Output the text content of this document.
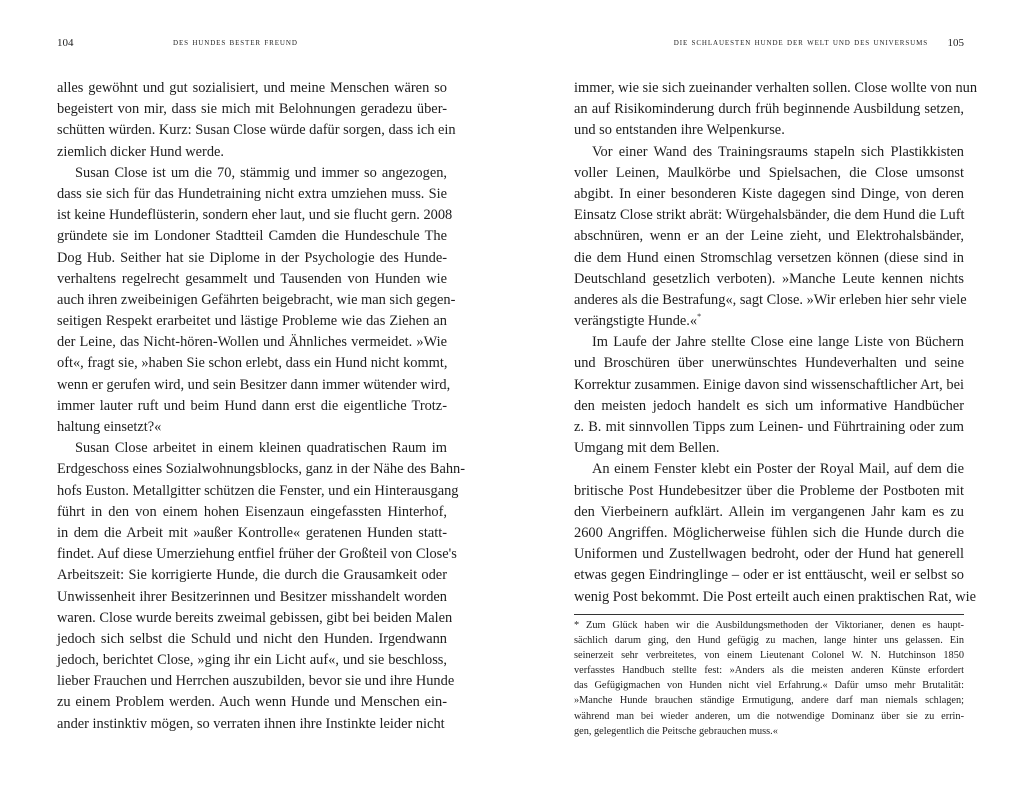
104	des hundes bester freund
alles gewöhnt und gut sozialisiert, und meine Menschen wären so
begeistert von mir, dass sie mich mit Belohnungen geradezu über-
schütten würden. Kurz: Susan Close würde dafür sorgen, dass ich ein
ziemlich dicker Hund werde.
Susan Close ist um die 70, stämmig und immer so angezogen,
dass sie sich für das Hundetraining nicht extra umziehen muss. Sie
ist keine Hundeflüsterin, sondern eher laut, und sie flucht gern. 2008
gründete sie im Londoner Stadtteil Camden die Hundeschule The
Dog Hub. Seither hat sie Diplome in der Psychologie des Hunde-
verhaltens regelrecht gesammelt und Tausenden von Hunden wie
auch ihren zweibeinigen Gefährten beigebracht, wie man sich gegen-
seitigen Respekt erarbeitet und lästige Probleme wie das Ziehen an
der Leine, das Nicht-hören-Wollen und Ähnliches vermeidet. »Wie
oft«, fragt sie, »haben Sie schon erlebt, dass ein Hund nicht kommt,
wenn er gerufen wird, und sein Besitzer dann immer wütender wird,
immer lauter ruft und beim Hund dann erst die eigentliche Trotz-
haltung einsetzt?«
Susan Close arbeitet in einem kleinen quadratischen Raum im
Erdgeschoss eines Sozialwohnungsblocks, ganz in der Nähe des Bahn-
hofs Euston. Metallgitter schützen die Fenster, und ein Hinterausgang
führt in den von einem hohen Eisenzaun eingefassten Hinterhof,
in dem die Arbeit mit »außer Kontrolle« geratenen Hunden statt-
findet. Auf diese Umerziehung entfiel früher der Großteil von Close's
Arbeitszeit: Sie korrigierte Hunde, die durch die Grausamkeit oder
Unwissenheit ihrer Besitzerinnen und Besitzer misshandelt worden
waren. Close wurde bereits zweimal gebissen, gibt bei beiden Malen
jedoch sich selbst die Schuld und nicht den Hunden. Irgendwann
jedoch, berichtet Close, »ging ihr ein Licht auf«, und sie beschloss,
lieber Frauchen und Herrchen auszubilden, bevor sie und ihre Hunde
zu einem Problem werden. Auch wenn Hunde und Menschen ein-
ander instinktiv mögen, so verraten ihnen ihre Instinkte leider nicht
die schlauesten hunde der welt und des universums 105
immer, wie sie sich zueinander verhalten sollen. Close wollte von nun
an auf Risikominderung durch früh beginnende Ausbildung setzen,
und so entstanden ihre Welpenkurse.
Vor einer Wand des Trainingsraums stapeln sich Plastikkisten
voller Leinen, Maulkörbe und Spielsachen, die Close umsonst
abgibt. In einer besonderen Kiste dagegen sind Dinge, von deren
Einsatz Close strikt abrät: Würgehalsbänder, die dem Hund die Luft
abschnüren, wenn er an der Leine zieht, und Elektrohalsbänder,
die dem Hund einen Stromschlag versetzen können (diese sind in
Deutschland gesetzlich verboten). »Manche Leute kennen nichts
anderes als die Bestrafung«, sagt Close. »Wir erleben hier sehr viele
verängstigte Hunde.«*
Im Laufe der Jahre stellte Close eine lange Liste von Büchern
und Broschüren über unerwünschtes Hundeverhalten und seine
Korrektur zusammen. Einige davon sind wissenschaftlicher Art, bei
den meisten jedoch handelt es sich um informative Handbücher
z. B. mit sinnvollen Tipps zum Leinen- und Führtraining oder zum
Umgang mit dem Bellen.
An einem Fenster klebt ein Poster der Royal Mail, auf dem die
britische Post Hundebesitzer über die Probleme der Postboten mit
den Vierbeinern aufklärt. Allein im vergangenen Jahr kam es zu
2600 Angriffen. Möglicherweise fühlen sich die Hunde durch die
Uniformen und Zustellwagen bedroht, oder der Hund hat generell
etwas gegen Eindringlinge – oder er ist enttäuscht, weil er selbst so
wenig Post bekommt. Die Post erteilt auch einen praktischen Rat, wie
* Zum Glück haben wir die Ausbildungsmethoden der Viktorianer, denen es haupt-
sächlich darum ging, den Hund gefügig zu machen, lange hinter uns gelassen. Ein
seinerzeit sehr verbreitetes, von einem Lieutenant Colonel W. N. Hutchinson 1850
verfasstes Handbuch stellte fest: »Anders als die meisten anderen Künste erfordert
das Gefügigmachen von Hunden nicht viel Erfahrung.« Dafür umso mehr Brutalität:
»Manche Hunde brauchen ständige Ermutigung, andere darf man niemals schlagen;
während man bei wieder anderen, um die notwendige Dominanz über sie zu errin-
gen, gelegentlich die Peitsche gebrauchen muss.«
